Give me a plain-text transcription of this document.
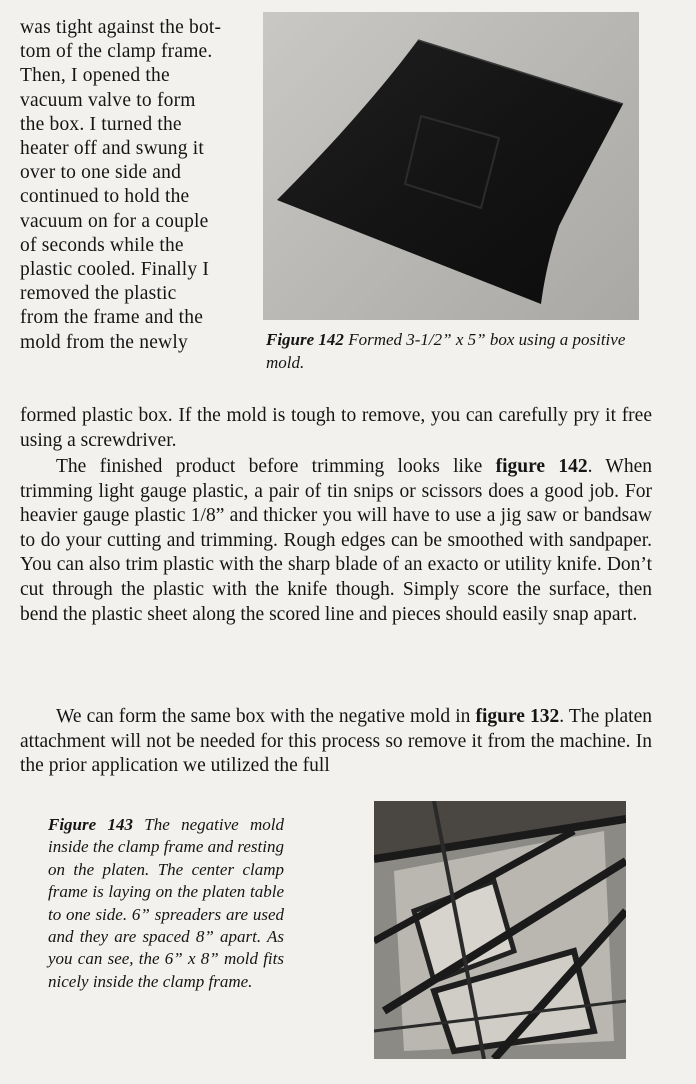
was tight against the bot-

tom of the clamp frame.

Then, I opened the

vacuum valve to form

the box. I turned the

heater off and swung it

over to one side and

continued to hold the

vacuum on for a couple

of seconds while the

plastic cooled. Finally I

removed the plastic

from the frame and the

mold from the newly	Figure 142 Formed 3-1/2” x 5” box using a positive mold.

formed plastic box. If the mold is tough to remove, you can carefully pry it free using a screwdriver.

The finished product before trimming looks like figure 142. When trimming light gauge plastic, a pair of tin snips or scissors does a good job. For heavier gauge plastic 1/8” and thicker you will have to use a jig saw or bandsaw to do your cutting and trimming. Rough edges can be smoothed with sandpaper. You can also trim plastic with the sharp blade of an exacto or utility knife. Don’t cut through the plastic with the knife though. Simply score the surface, then bend the plastic sheet along the scored line and pieces should easily snap apart.

We can form the same box with the negative mold in figure 132. The platen attachment will not be needed for this process so remove it from the machine. In the prior application we utilized the full

Figure 143 The negative mold inside the clamp frame and resting on the platen. The center clamp frame is laying on the platen table to one side. 6” spreaders are used and they are spaced 8” apart. As you can see, the 6” x 8” mold fits nicely inside the clamp frame.
